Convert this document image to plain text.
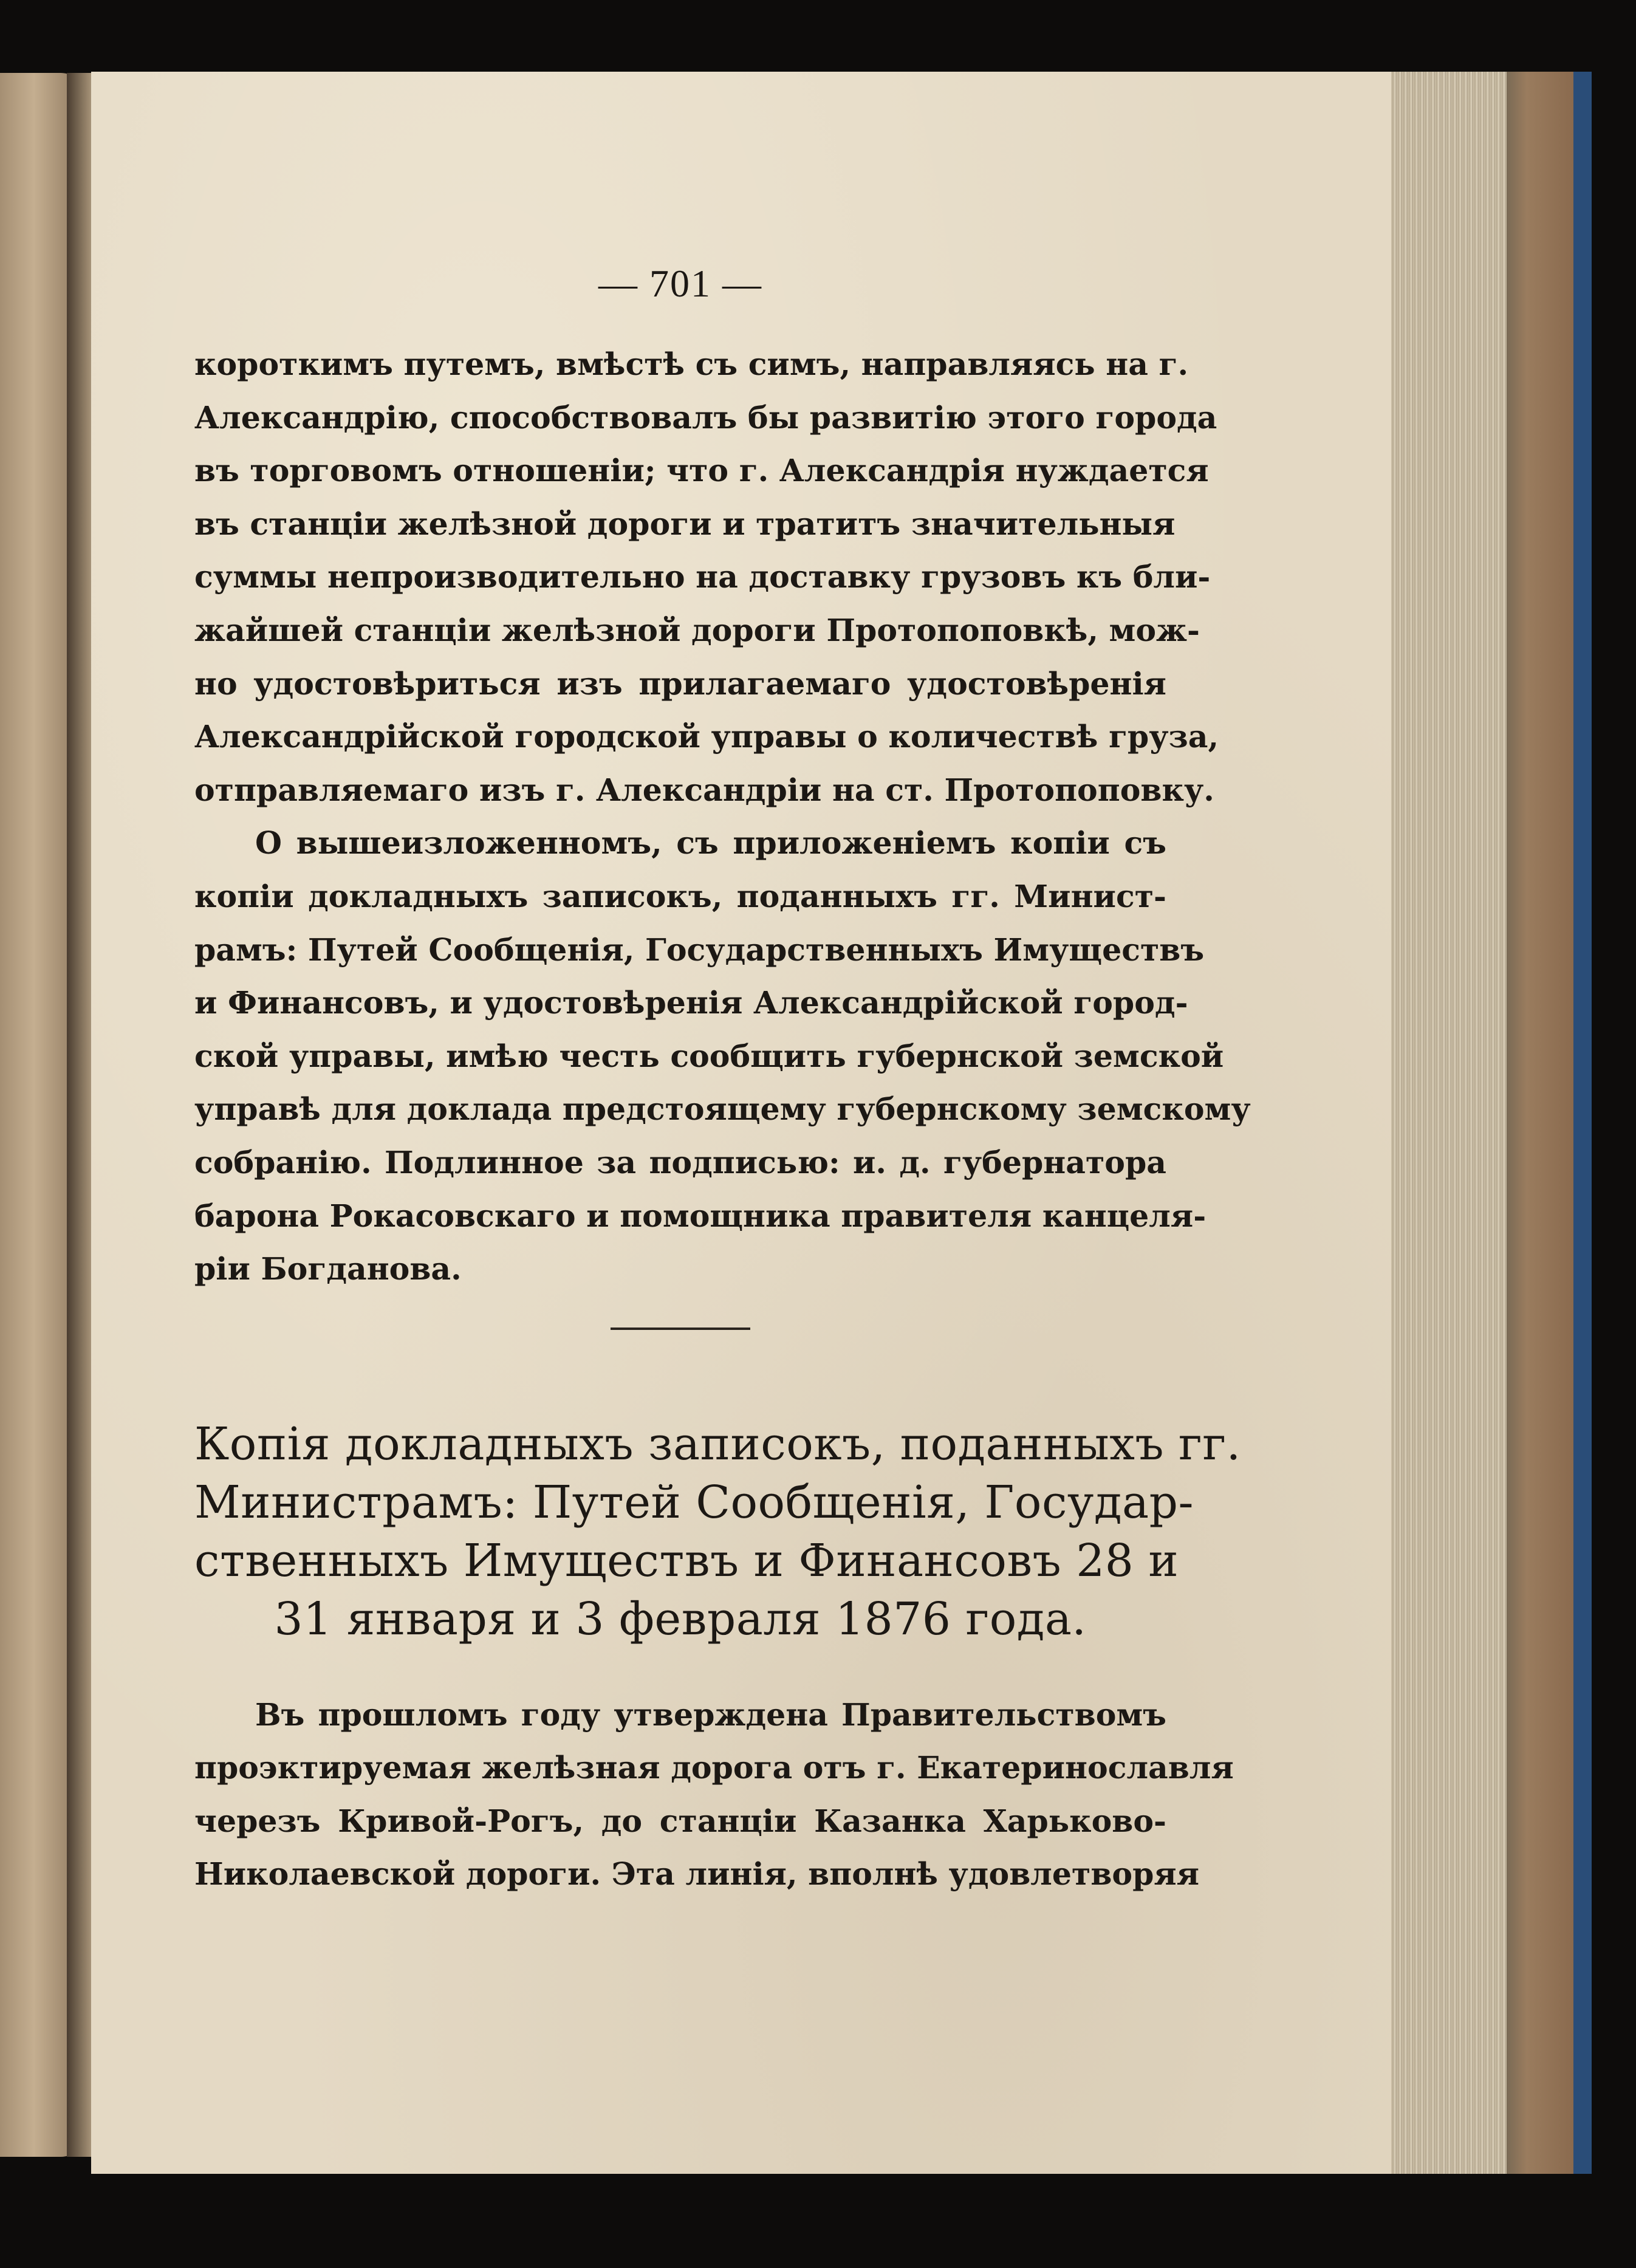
— 701 —
короткимъ путемъ, вмѣстѣ съ симъ, направляясь на г.
Александрію, способствовалъ бы развитію этого города
въ торговомъ отношеніи; что г. Александрія нуждается
въ станціи желѣзной дороги и тратитъ значительныя
суммы непроизводительно на доставку грузовъ къ бли-
жайшей станціи желѣзной дороги Протопоповкѣ, мож-
но удостовѣриться изъ прилагаемаго удостовѣренія
Александрійской городской управы о количествѣ груза,
отправляемаго изъ г. Александріи на ст. Протопоповку.
О вышеизложенномъ, съ приложеніемъ копіи съ
копіи докладныхъ записокъ, поданныхъ гг. Минист-
рамъ: Путей Сообщенія, Государственныхъ Имуществъ
и Финансовъ, и удостовѣренія Александрійской город-
ской управы, имѣю честь сообщить губернской земской
управѣ для доклада предстоящему губернскому земскому
собранію. Подлинное за подписью: и. д. губернатора
барона Рокасовскаго и помощника правителя канцеля-
ріи Богданова.
Копія докладныхъ записокъ, поданныхъ гг.
Министрамъ: Путей Сообщенія, Государ-
ственныхъ Имуществъ и Финансовъ 28 и
31 января и 3 февраля 1876 года.
Въ прошломъ году утверждена Правительствомъ
проэктируемая желѣзная дорога отъ г. Екатеринославля
черезъ Кривой-Рогъ, до станціи Казанка Харьково-
Николаевской дороги. Эта линія, вполнѣ удовлетворяя
